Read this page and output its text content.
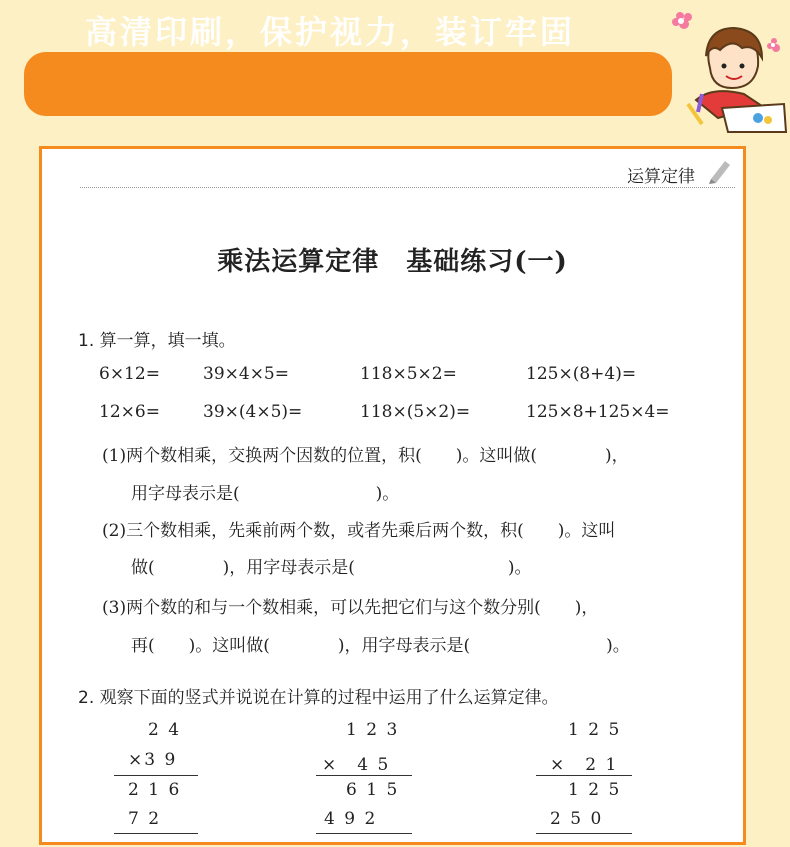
高清印刷，保护视力，装订牢固
运算定律
乘法运算定律　基础练习(一)
1. 算一算，填一填。
6×12=	39×4×5=	118×5×2=	125×(8+4)=
12×6=	39×(4×5)=	118×(5×2)=	125×8+125×4=
(1)两个数相乘，交换两个因数的位置，积(　　)。这叫做(　　　　)，
用字母表示是(　　　　　　　　)。
(2)三个数相乘，先乘前两个数，或者先乘后两个数，积(　　)。这叫
做(　　　　)，用字母表示是(　　　　　　　　　)。
(3)两个数的和与一个数相乘，可以先把它们与这个数分别(　　)，
再(　　)。这叫做(　　　　)，用字母表示是(　　　　　　　　)。
2. 观察下面的竖式并说说在计算的过程中运用了什么运算定律。
2 4
×3 9
2 1 6
7 2
1 2 3
×　4 5
6 1 5
4 9 2
1 2 5
×　2 1
1 2 5
2 5 0
